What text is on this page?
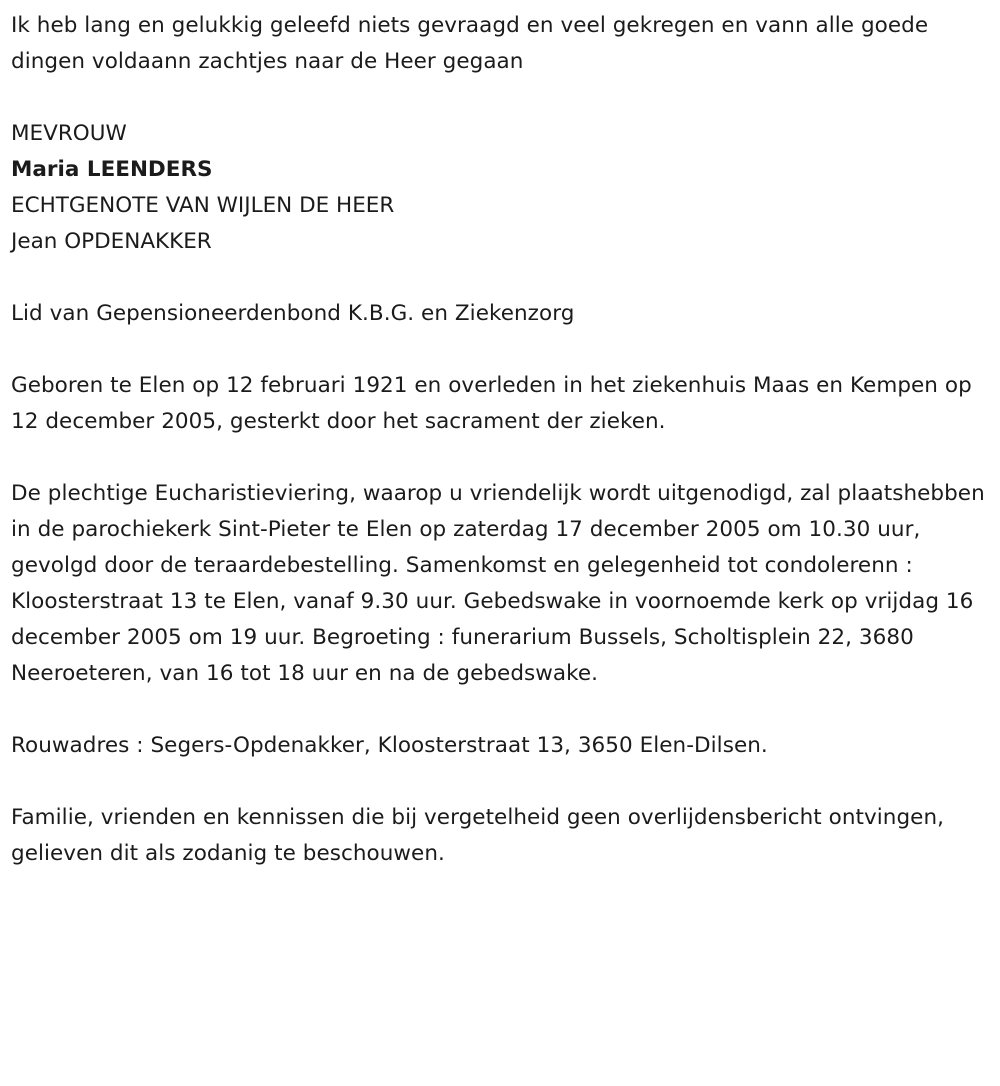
Ik heb lang en gelukkig geleefd niets gevraagd en veel gekregen en vann alle goede dingen voldaann zachtjes naar de Heer gegaan

MEVROUW

Maria LEENDERS

ECHTGENOTE VAN WIJLEN DE HEER

Jean OPDENAKKER

Lid van Gepensioneerdenbond K.B.G. en Ziekenzorg

Geboren te Elen op 12 februari 1921 en overleden in het ziekenhuis Maas en Kempen op 12 december 2005, gesterkt door het sacrament der zieken.

De plechtige Eucharistieviering, waarop u vriendelijk wordt uitgenodigd, zal plaatshebben in de parochiekerk Sint-Pieter te Elen op zaterdag 17 december 2005 om 10.30 uur, gevolgd door de teraardebestelling. Samenkomst en gelegenheid tot condolerenn : Kloosterstraat 13 te Elen, vanaf 9.30 uur. Gebedswake in voornoemde kerk op vrijdag 16 december 2005 om 19 uur. Begroeting : funerarium Bussels, Scholtisplein 22, 3680 Neeroeteren, van 16 tot 18 uur en na de gebedswake.

Rouwadres : Segers-Opdenakker, Kloosterstraat 13, 3650 Elen-Dilsen.

Familie, vrienden en kennissen die bij vergetelheid geen overlijdensbericht ontvingen, gelieven dit als zodanig te beschouwen.
